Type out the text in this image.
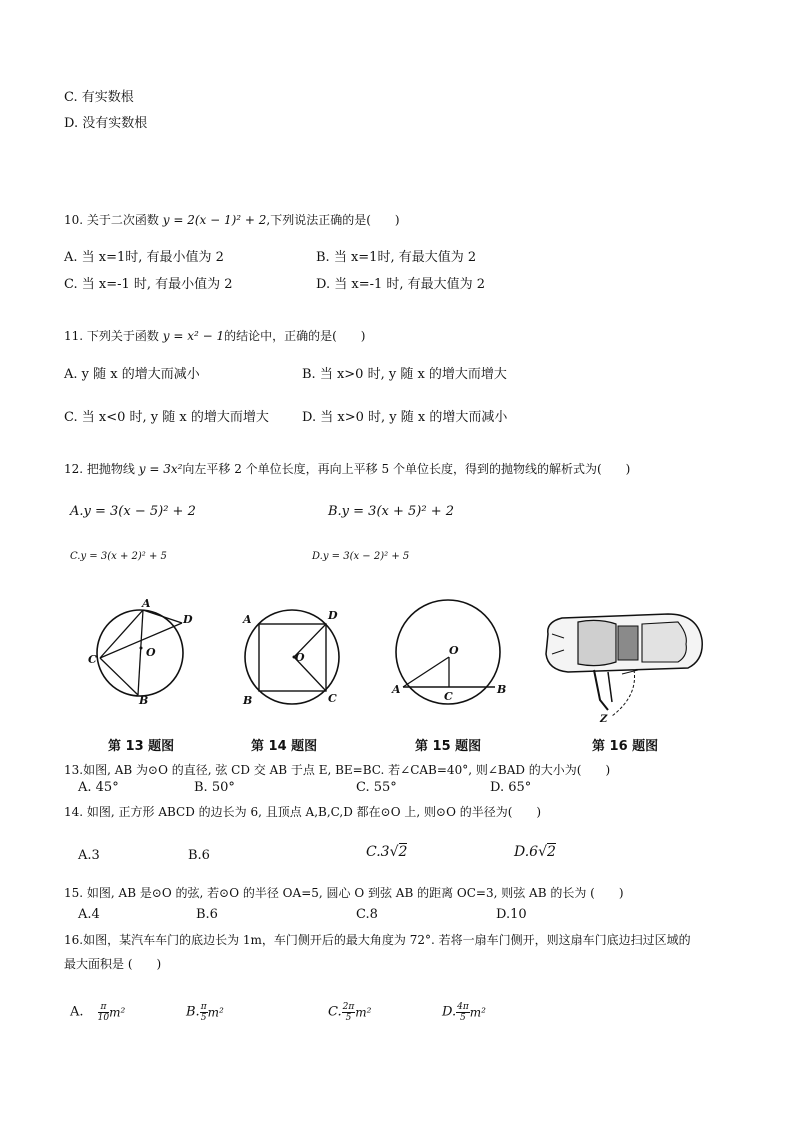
C. 有实数根
D. 没有实数根
10. 关于二次函数 y = 2(x − 1)² + 2,下列说法正确的是(　　)
A. 当 x=1时, 有最小值为 2	B. 当 x=1时, 有最大值为 2
C. 当 x=-1 时, 有最小值为 2	D. 当 x=-1 时, 有最大值为 2
11. 下列关于函数 y = x² − 1的结论中，正确的是(　　)
A. y 随 x 的增大而减小	B. 当 x>0 时, y 随 x 的增大而增大
C. 当 x<0 时, y 随 x 的增大而增大	D. 当 x>0 时, y 随 x 的增大而减小
12. 把抛物线 y = 3x²向左平移 2 个单位长度，再向上平移 5 个单位长度，得到的抛物线的解析式为(　　)
A.y = 3(x − 5)² + 2	B.y = 3(x + 5)² + 2
C.y = 3(x + 2)² + 5	D.y = 3(x − 2)² + 5
A
C
D
B
O
A	D
B	C
O
O
A
C
B
Z
第 13 题图	第 14 题图	第 15 题图	第 16 题图
13.如图, AB 为⊙O 的直径, 弦 CD 交 AB 于点 E, BE=BC. 若∠CAB=40°, 则∠BAD 的大小为(　　)
A. 45°	B. 50°	C. 55°	D. 65°
14. 如图, 正方形 ABCD 的边长为 6, 且顶点 A,B,C,D 都在⊙O 上, 则⊙O 的半径为(　　)
A.3	B.6	C.3√2	D.6√2
15. 如图, AB 是⊙O 的弦, 若⊙O 的半径 OA=5, 圆心 O 到弦 AB 的距离 OC=3, 则弦 AB 的长为 (　　)
A.4	B.6	C.8	D.10
16.如图，某汽车车门的底边长为 1m，车门侧开后的最大角度为 72°. 若将一扇车门侧开，则这扇车门底边扫过区域的
最大面积是 (　　)
A. $\frac{\pi}{10} m^2$	B. $\frac{\pi}{5} m^2$	C. $\frac{2\pi}{5} m^2$	D. $\frac{4\pi}{5} m^2$
